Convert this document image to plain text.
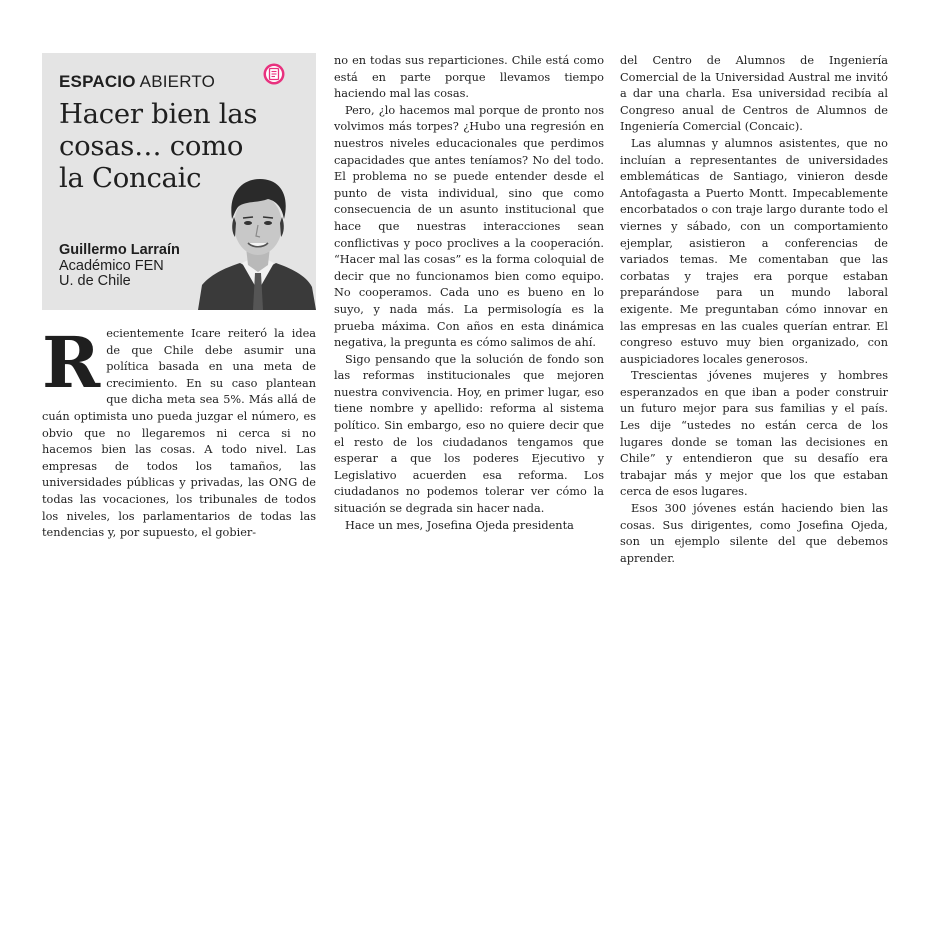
ESPACIO ABIERTO
Hacer bien las cosas… como la Concaic
Guillermo Larraín
Académico FEN
U. de Chile
R ecientemente Icare reiteró la idea de que Chile debe asumir una política basada en una meta de crecimiento. En su caso plantean que dicha meta sea 5%. Más allá de cuán optimista uno pueda juzgar el número, es obvio que no llegaremos ni cerca si no hacemos bien las cosas. A todo nivel. Las empresas de todos los tamaños, las universidades públicas y privadas, las ONG de todas las vocaciones, los tribunales de todos los niveles, los parlamentarios de todas las tendencias y, por supuesto, el gobier-

no en todas sus reparticiones. Chile está como está en parte porque llevamos tiempo haciendo mal las cosas.

Pero, ¿lo hacemos mal porque de pronto nos volvimos más torpes? ¿Hubo una regresión en nuestros niveles educacionales que perdimos capacidades que antes teníamos? No del todo. El problema no se puede entender desde el punto de vista individual, sino que como consecuencia de un asunto institucional que hace que nuestras interacciones sean conflictivas y poco proclives a la cooperación. “Hacer mal las cosas” es la forma coloquial de decir que no funcionamos bien como equipo. No cooperamos. Cada uno es bueno en lo suyo, y nada más. La permisología es la prueba máxima. Con años en esta dinámica negativa, la pregunta es cómo salimos de ahí.

Sigo pensando que la solución de fondo son las reformas institucionales que mejoren nuestra convivencia. Hoy, en primer lugar, eso tiene nombre y apellido: reforma al sistema político. Sin embargo, eso no quiere decir que el resto de los ciudadanos tengamos que esperar a que los poderes Ejecutivo y Legislativo acuerden esa reforma. Los ciudadanos no podemos tolerar ver cómo la situación se degrada sin hacer nada.

Hace un mes, Josefina Ojeda presidenta

del Centro de Alumnos de Ingeniería Comercial de la Universidad Austral me invitó a dar una charla. Esa universidad recibía al Congreso anual de Centros de Alumnos de Ingeniería Comercial (Concaic).

Las alumnas y alumnos asistentes, que no incluían a representantes de universidades emblemáticas de Santiago, vinieron desde Antofagasta a Puerto Montt. Impecablemente encorbatados o con traje largo durante todo el viernes y sábado, con un comportamiento ejemplar, asistieron a conferencias de variados temas. Me comentaban que las corbatas y trajes era porque estaban preparándose para un mundo laboral exigente. Me preguntaban cómo innovar en las empresas en las cuales querían entrar. El congreso estuvo muy bien organizado, con auspiciadores locales generosos.

Trescientas jóvenes mujeres y hombres esperanzados en que iban a poder construir un futuro mejor para sus familias y el país. Les dije “ustedes no están cerca de los lugares donde se toman las decisiones en Chile” y entendieron que su desafío era trabajar más y mejor que los que estaban cerca de esos lugares.

Esos 300 jóvenes están haciendo bien las cosas. Sus dirigentes, como Josefina Ojeda, son un ejemplo silente del que debemos aprender.
